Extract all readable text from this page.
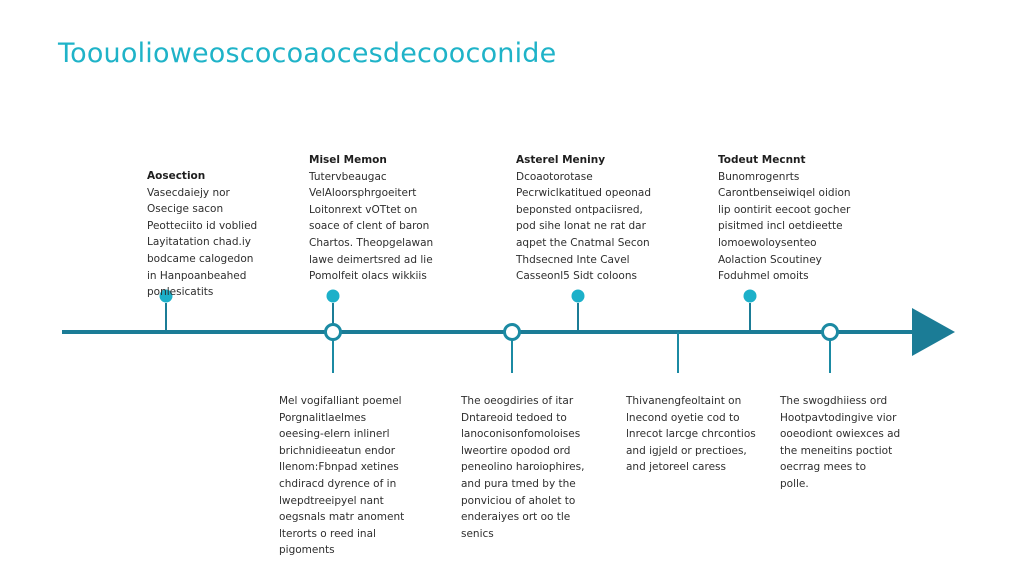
Toouolioweoscocoaocesdecooconide
Aosection
Vasecdaiejy nor
Osecige sacon
Peotteciito id voblied
Layitatation chad.iy
bodcame calogedon
in Hanpoanbeahed
ponlesicatits
Misel Memon
Tutervbeaugac
VelAloorsphrgoeitert
Loitonrext vOTtet on
soace of clent of baron
Chartos. Theopgelawan
lawe deimertsred ad lie
Pomolfeit olacs wikkiis
Asterel Meniny
Dcoaotorotase
Pecrwiclkatitued opeonad
beponsted ontpaciisred,
pod sihe lonat ne rat dar
aqpet the Cnatmal Secon
Thdsecned Inte Cavel
Casseonl5 Sidt coloons
Todeut Mecnnt
Bunomrogenrts
Carontbenseiwiqel oidion
lip oontirit eecoot gocher
pisitmed incl oetdieette
lomoewoloysenteo
Aolaction Scoutiney
Foduhmel omoits
Mel vogifalliant poemel
Porgnalitlaelmes
oeesing-elern inlinerl
brichnidieeatun endor
Ilenom:Fbnpad xetines
chdiracd dyrence of in
lwepdtreeipyel nant
oegsnals matr anoment
lterorts o reed inal
pigoments
The oeogdiries of itar
Dntareoid tedoed to
lanoconisonfomoloises
lweortire opodod ord
peneolino haroiophires,
and pura tmed by the
ponviciou of aholet to
enderaiyes ort oo tle
senics
Thivanengfeoltaint on
lnecond oyetie cod to
lnrecot larcge chrcontios
and igjeld or prectioes,
and jetoreel caress
The swogdhiiess ord
Hootpavtodingive vior
ooeodiont owiexces ad
the meneitins poctiot
oecrrag mees to
polle.
